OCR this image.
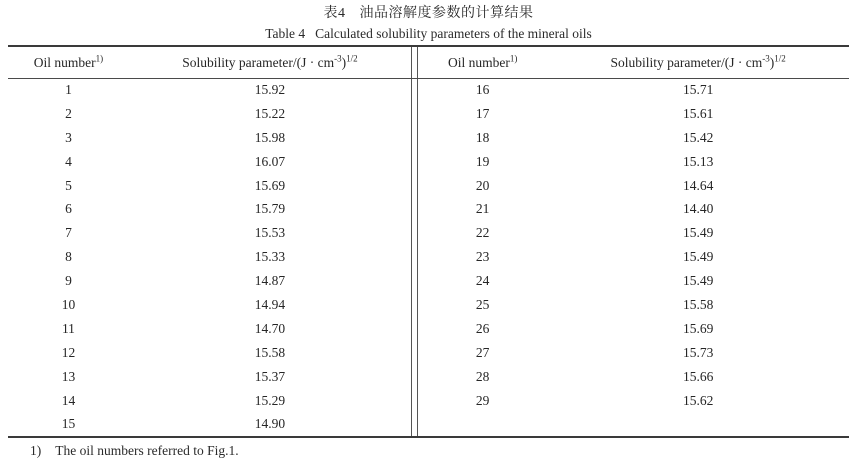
表4 油品溶解度参数的计算结果
Table 4 Calculated solubility parameters of the mineral oils
Oil number$^{1)}$	Solubility parameter/(J · $cm^{-3})^{1/2}$
1	15.92
2	15.22
3	15.98
4	16.07
5	15.69
6	15.79
7	15.53
8	15.33
9	14.87
10	14.94
11	14.70
12	15.58
13	15.37
14	15.29
15	14.90
Oil number$^{1)}$	Solubility parameter/(J · $cm^{-3})^{1/2}$
16	15.71
17	15.61
18	15.42
19	15.13
20	14.64
21	14.40
22	15.49
23	15.49
24	15.49
25	15.58
26	15.69
27	15.73
28	15.66
29	15.62
1) The oil numbers referred to Fig.1.
